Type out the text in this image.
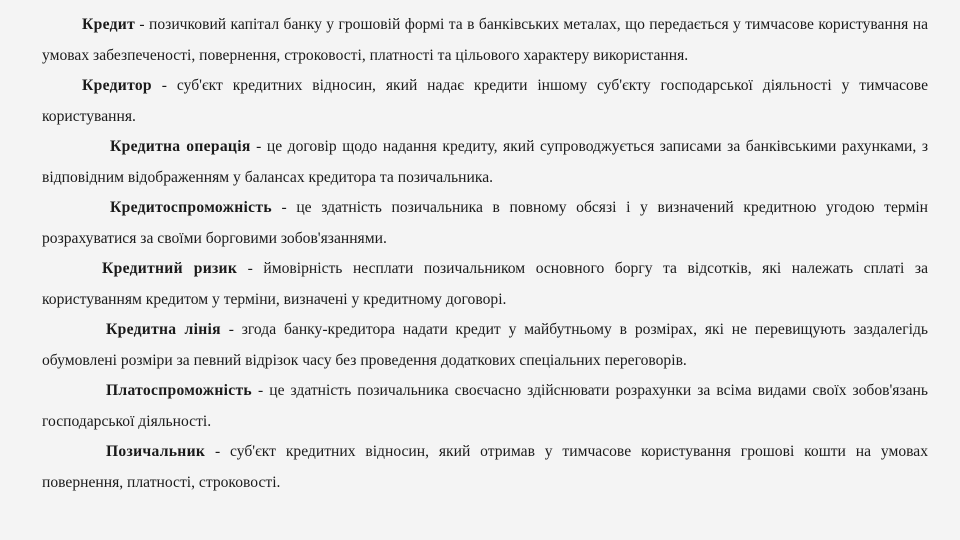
Кредит - позичковий капітал банку у грошовій формі та в банківських металах, що передається у тимчасове користування на умовах забезпеченості, повернення, строковості, платності та цільового характеру використання.

Кредитор - суб'єкт кредитних відносин, який надає кредити іншому суб'єкту господарської діяльності у тимчасове користування.

Кредитна операція - це договір щодо надання кредиту, який супроводжується записами за банківськими рахунками, з відповідним відображенням у балансах кредитора та позичальника.

Кредитоспроможність - це здатність позичальника в повному обсязі і у визначений кредитною угодою термін розрахуватися за своїми борговими зобов'язаннями.

Кредитний ризик - ймовірність несплати позичальником основного боргу та відсотків, які належать сплаті за користуванням кредитом у терміни, визначені у кредитному договорі.

Кредитна лінія - згода банку-кредитора надати кредит у майбутньому в розмірах, які не перевищують заздалегідь обумовлені розміри за певний відрізок часу без проведення додаткових спеціальних переговорів.

Платоспроможність - це здатність позичальника своєчасно здійснювати розрахунки за всіма видами своїх зобов'язань господарської діяльності.

Позичальник - суб'єкт кредитних відносин, який отримав у тимчасове користування грошові кошти на умовах повернення, платності, строковості.
